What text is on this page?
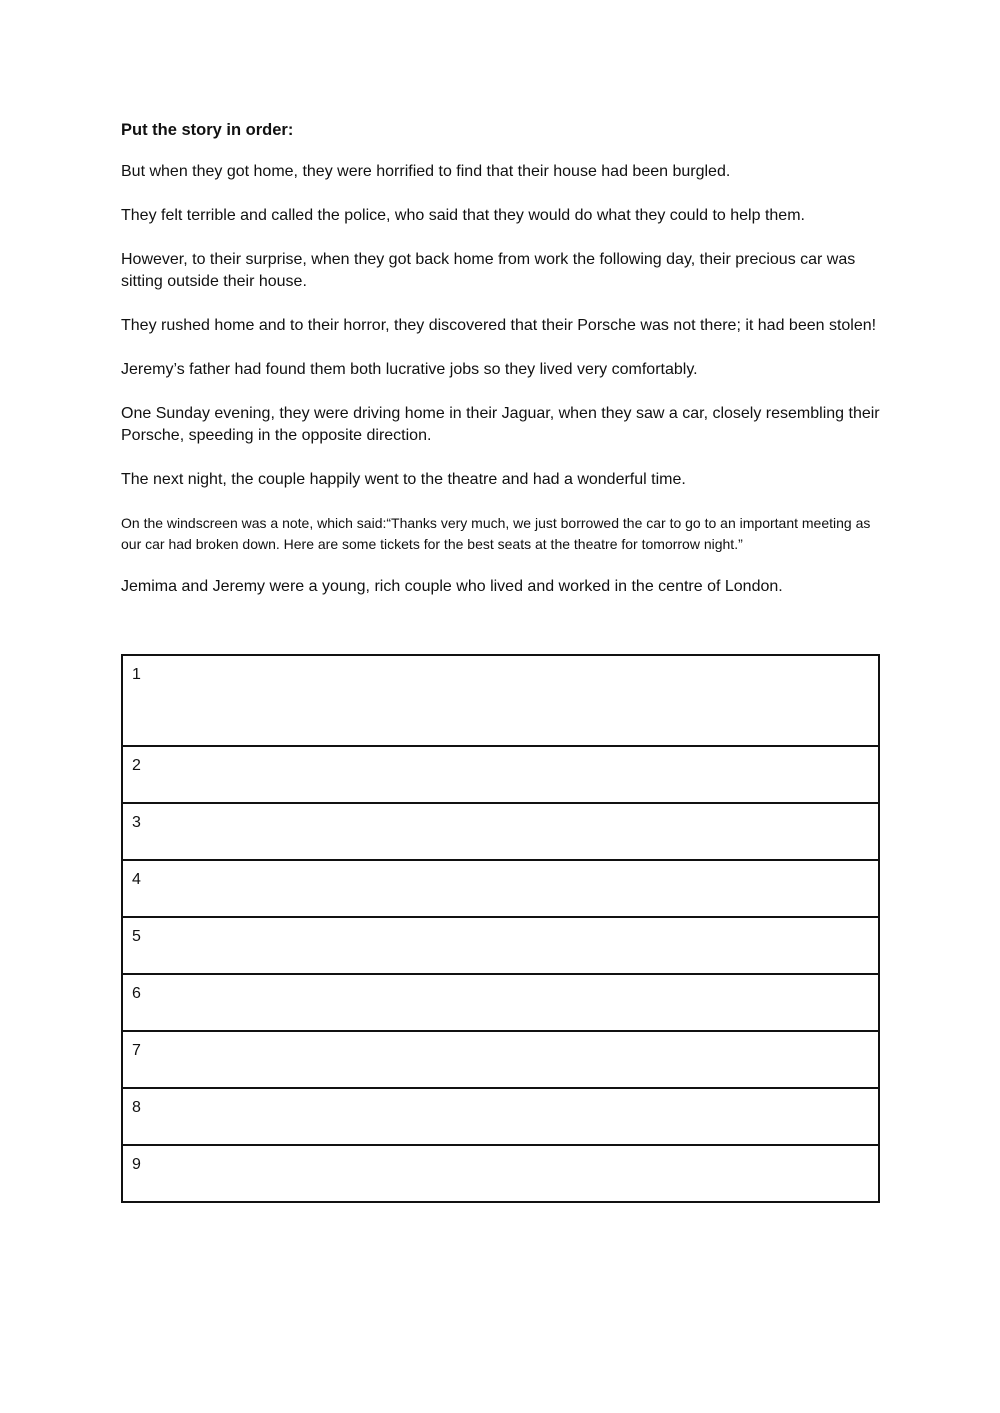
Put the story in order:

But when they got home, they were horrified to find that their house had been burgled.

They felt terrible and called the police, who said that they would do what they could to help them.

However, to their surprise, when they got back home from work the following day, their precious car was sitting outside their house.

They rushed home and to their horror, they discovered that their Porsche was not there; it had been stolen!

Jeremy’s father had found them both lucrative jobs so they lived very comfortably.

One Sunday evening, they were driving home in their Jaguar, when they saw a car, closely resembling their Porsche, speeding in the opposite direction.

The next night, the couple happily went to the theatre and had a wonderful time.

On the windscreen was a note, which said:“Thanks very much, we just borrowed the car to go to an important meeting as our car had broken down. Here are some tickets for the best seats at the theatre for tomorrow night.”

Jemima and Jeremy were a young, rich couple who lived and worked in the centre of London.

1
2
3
4
5
6
7
8
9
